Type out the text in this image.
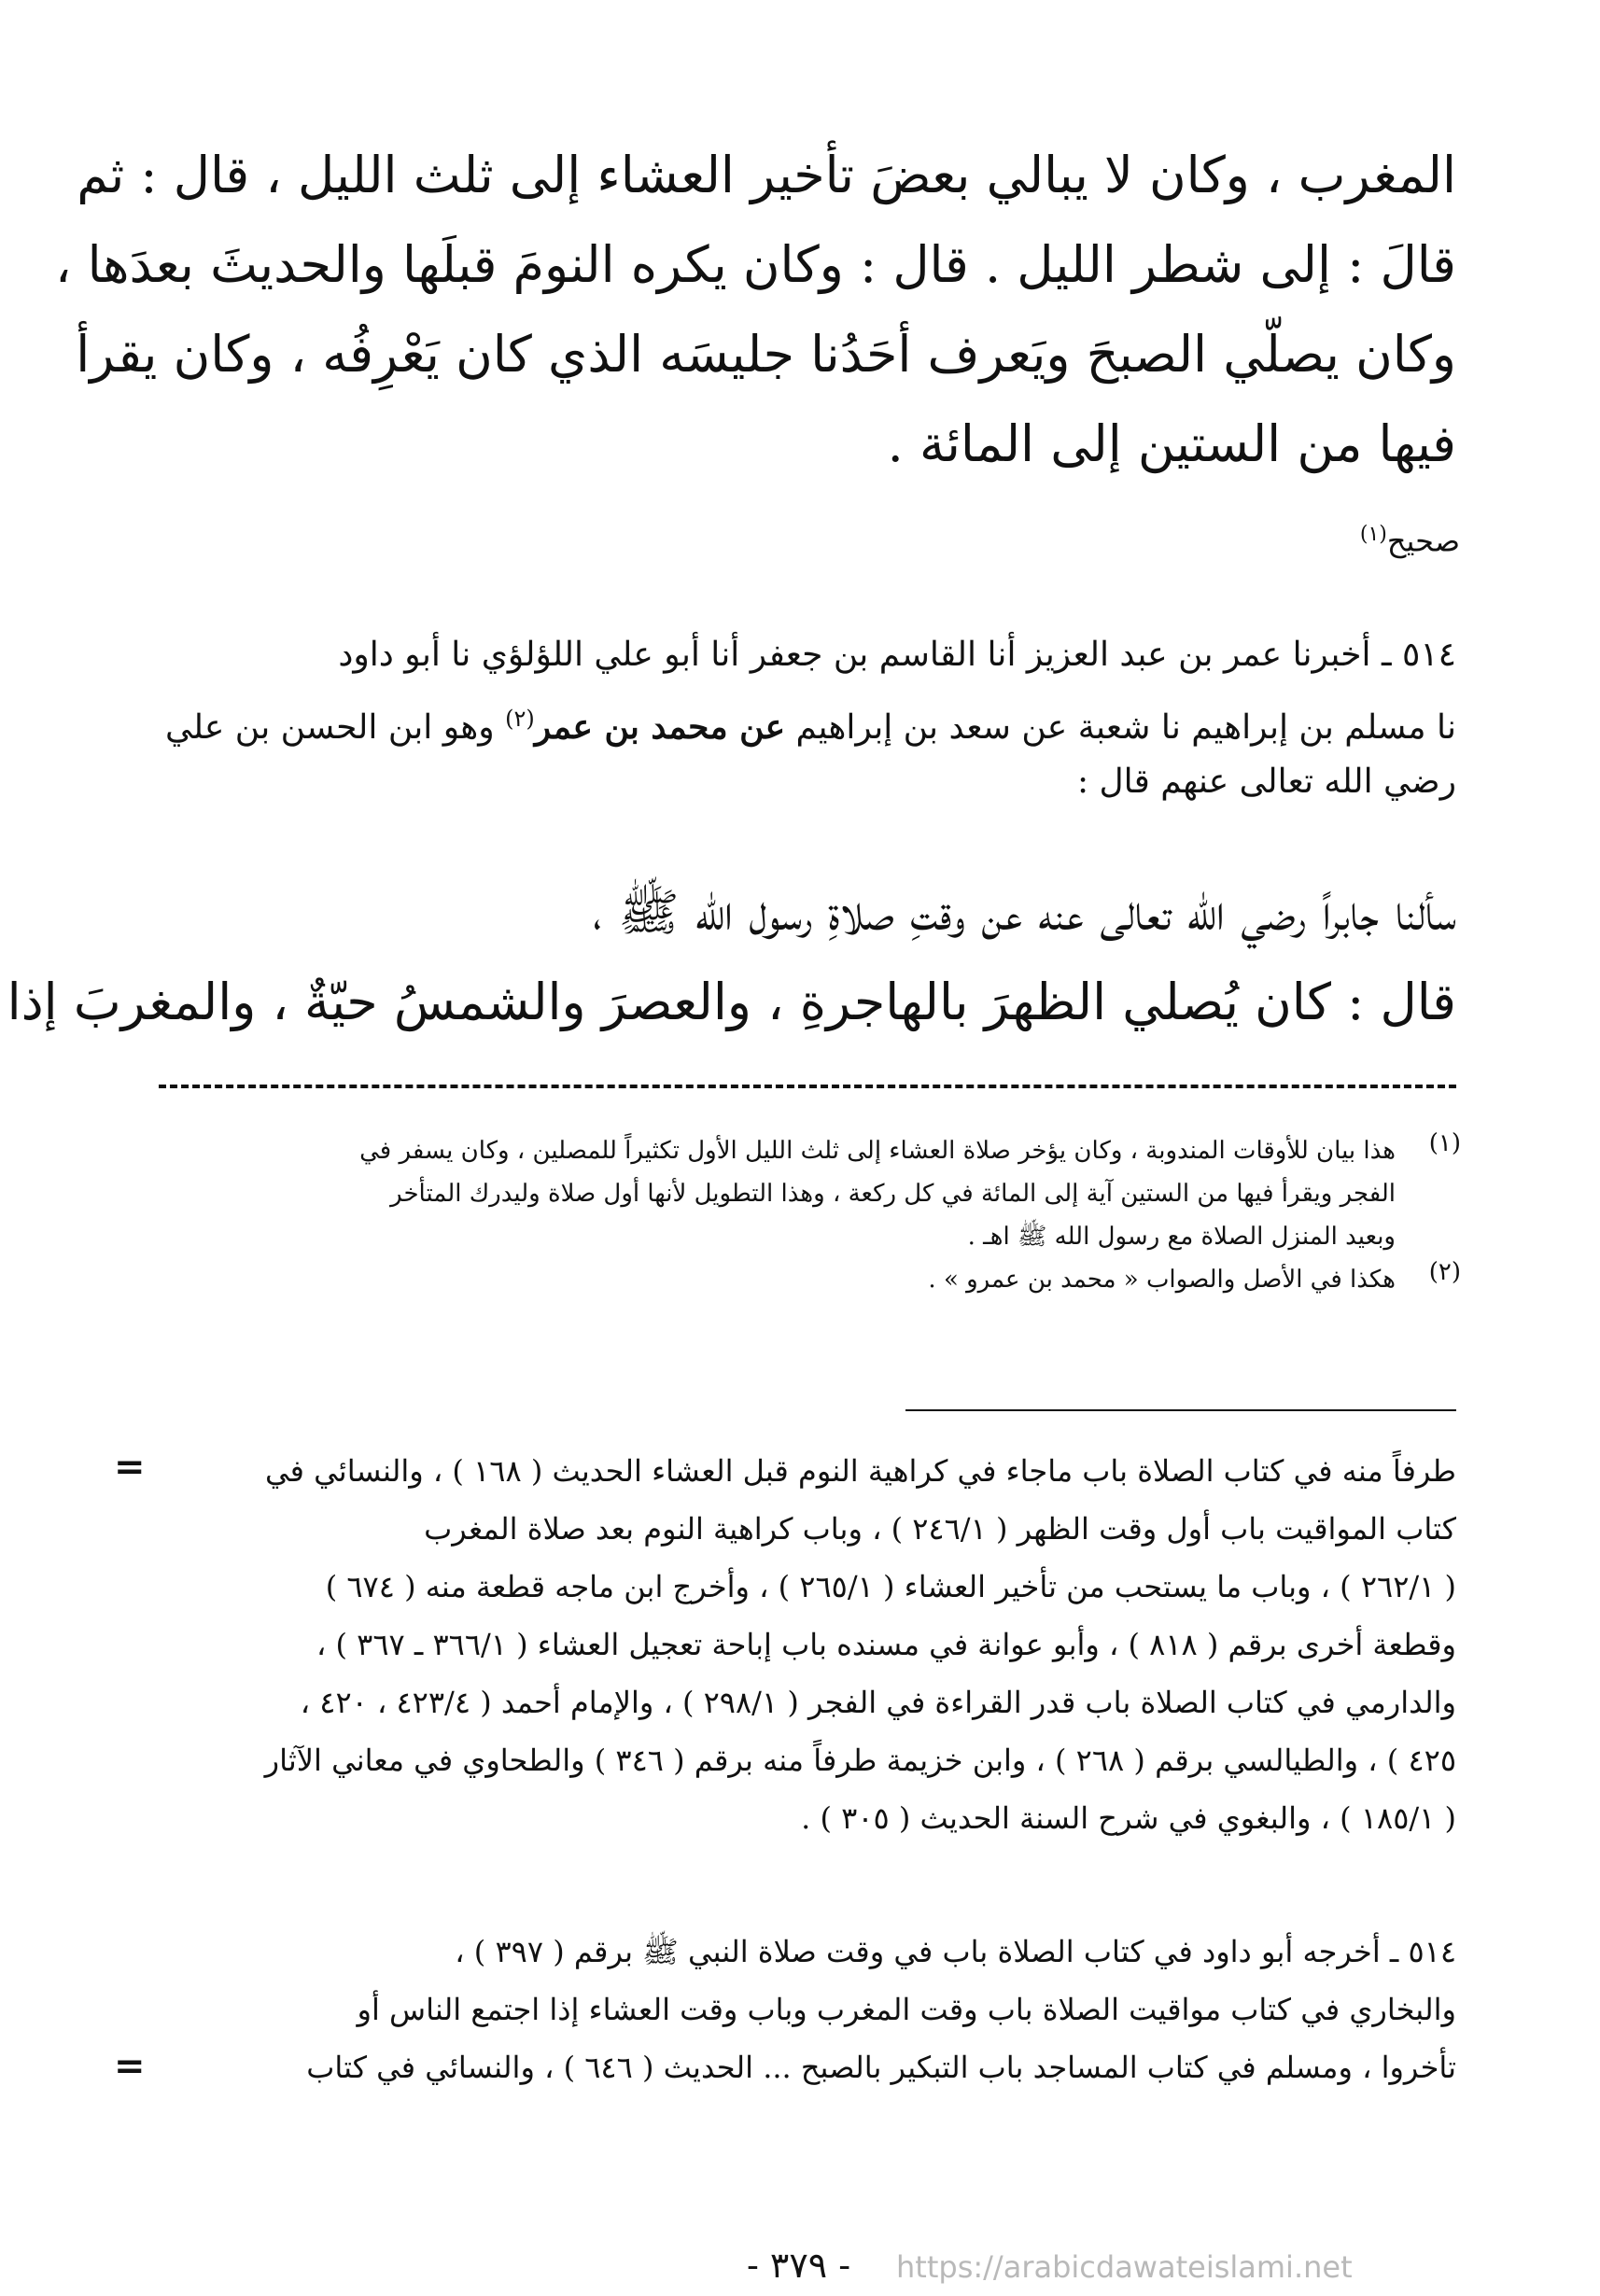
المغرب ، وكان لا يبالي بعضَ تأخير العشاء إلى ثلث الليل ، قال : ثم
قالَ : إلى شطر الليل . قال : وكان يكره النومَ قبلَها والحديثَ بعدَها ،
وكان يصلّي الصبحَ ويَعرف أحَدُنا جليسَه الذي كان يَعْرِفُه ، وكان يقرأ
فيها من الستين إلى المائة .
صحيح$^{(١)}$
٥١٤ ـ أخبرنا عمر بن عبد العزيز أنا القاسم بن جعفر أنا أبو علي اللؤلؤي نا أبو داود
نا مسلم بن إبراهيم نا شعبة عن سعد بن إبراهيم عن محمد بن عمر$^{(٢)}$ وهو ابن الحسن بن علي
رضي الله تعالى عنهم قال :
سألنا جابراً رضي الله تعالى عنه عن وقتِ صلاةِ رسول الله ﷺ ،
قال : كان يُصلي الظهرَ بالهاجرةِ ، والعصرَ والشمسُ حيّةٌ ، والمغربَ إذا
(١)
هذا بيان للأوقات المندوبة ، وكان يؤخر صلاة العشاء إلى ثلث الليل الأول تكثيراً للمصلين ، وكان يسفر في
الفجر ويقرأ فيها من الستين آية إلى المائة في كل ركعة ، وهذا التطويل لأنها أول صلاة وليدرك المتأخر
وبعيد المنزل الصلاة مع رسول الله ﷺ اهـ .
(٢)
هكذا في الأصل والصواب « محمد بن عمرو » .
=	طرفاً منه في كتاب الصلاة باب ماجاء في كراهية النوم قبل العشاء الحديث ( ١٦٨ ) ، والنسائي في
كتاب المواقيت باب أول وقت الظهر ( ٢٤٦/١ ) ، وباب كراهية النوم بعد صلاة المغرب
( ٢٦٢/١ ) ، وباب ما يستحب من تأخير العشاء ( ٢٦٥/١ ) ، وأخرج ابن ماجه قطعة منه ( ٦٧٤ )
وقطعة أخرى برقم ( ٨١٨ ) ، وأبو عوانة في مسنده باب إباحة تعجيل العشاء ( ٣٦٦/١ ـ ٣٦٧ ) ،
والدارمي في كتاب الصلاة باب قدر القراءة في الفجر ( ٢٩٨/١ ) ، والإمام أحمد ( ٤٢٣/٤ ، ٤٢٠ ،
٤٢٥ ) ، والطيالسي برقم ( ٢٦٨ ) ، وابن خزيمة طرفاً منه برقم ( ٣٤٦ ) والطحاوي في معاني الآثار
( ١٨٥/١ ) ، والبغوي في شرح السنة الحديث ( ٣٠٥ ) .
٥١٤ ـ أخرجه أبو داود في كتاب الصلاة باب في وقت صلاة النبي ﷺ برقم ( ٣٩٧ ) ،
والبخاري في كتاب مواقيت الصلاة باب وقت المغرب وباب وقت العشاء إذا اجتمع الناس أو
تأخروا ، ومسلم في كتاب المساجد باب التبكير بالصبح ... الحديث ( ٦٤٦ ) ، والنسائي في كتاب
=
- ٣٧٩ - https://arabicdawateislami.net
